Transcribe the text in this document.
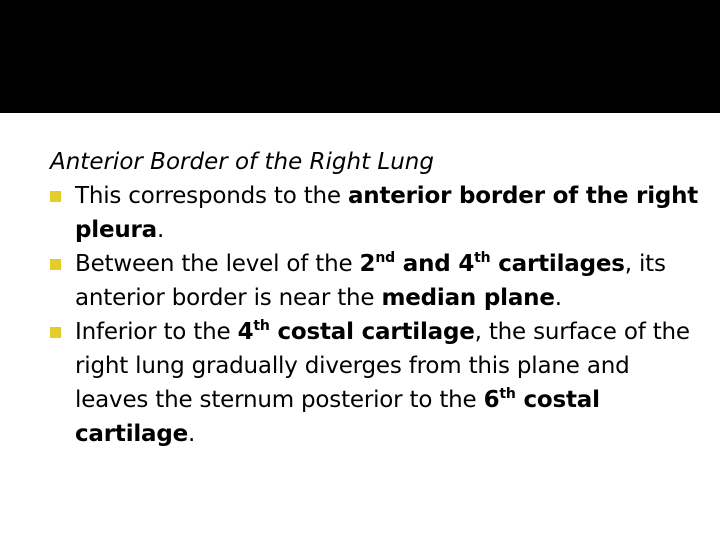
Anterior Border of the Right Lung

This corresponds to the anterior border of the right pleura.
Between the level of the 2nd and 4th cartilages, its anterior border is near the median plane.
Inferior to the 4th costal cartilage, the surface of the right lung gradually diverges from this plane and leaves the sternum posterior to the 6th costal cartilage.
